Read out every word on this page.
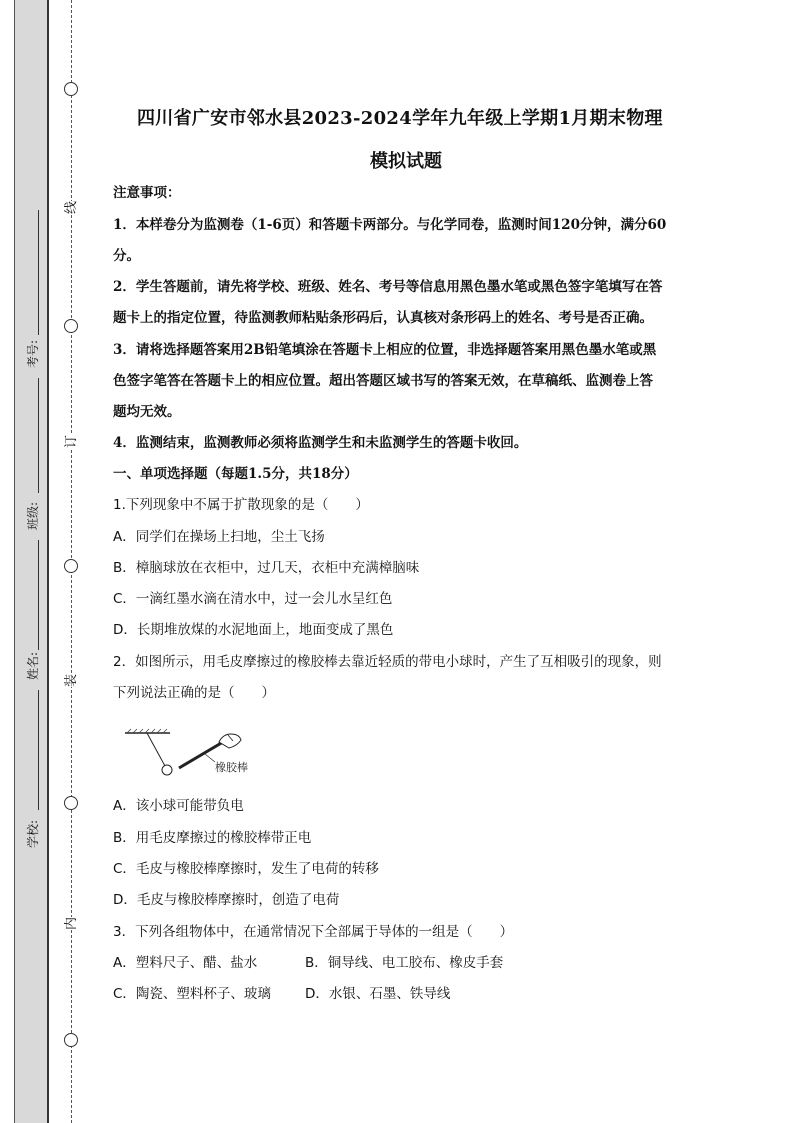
线
订
装
内
考号:
班级:
姓名:
学校:
四川省广安市邻水县2023-2024学年九年级上学期1月期末物理
模拟试题
注意事项：
1．本样卷分为监测卷（1-6页）和答题卡两部分。与化学同卷，监测时间120分钟，满分60
分。
2．学生答题前，请先将学校、班级、姓名、考号等信息用黑色墨水笔或黑色签字笔填写在答
题卡上的指定位置，待监测教师粘贴条形码后，认真核对条形码上的姓名、考号是否正确。
3．请将选择题答案用2B铅笔填涂在答题卡上相应的位置，非选择题答案用黑色墨水笔或黑
色签字笔答在答题卡上的相应位置。超出答题区域书写的答案无效，在草稿纸、监测卷上答
题均无效。
4．监测结束，监测教师必须将监测学生和未监测学生的答题卡收回。
一、单项选择题（每题1.5分，共18分）
1.下列现象中不属于扩散现象的是（　　）
A．同学们在操场上扫地，尘土飞扬
B．樟脑球放在衣柜中，过几天，衣柜中充满樟脑味
C．一滴红墨水滴在清水中，过一会儿水呈红色
D．长期堆放煤的水泥地面上，地面变成了黑色
2．如图所示，用毛皮摩擦过的橡胶棒去靠近轻质的带电小球时，产生了互相吸引的现象，则
下列说法正确的是（　　）
橡胶棒
A．该小球可能带负电
B．用毛皮摩擦过的橡胶棒带正电
C．毛皮与橡胶棒摩擦时，发生了电荷的转移
D．毛皮与橡胶棒摩擦时，创造了电荷
3．下列各组物体中，在通常情况下全部属于导体的一组是（　　）
A．塑料尺子、醋、盐水	B．铜导线、电工胶布、橡皮手套
C．陶瓷、塑料杯子、玻璃	D．水银、石墨、铁导线
